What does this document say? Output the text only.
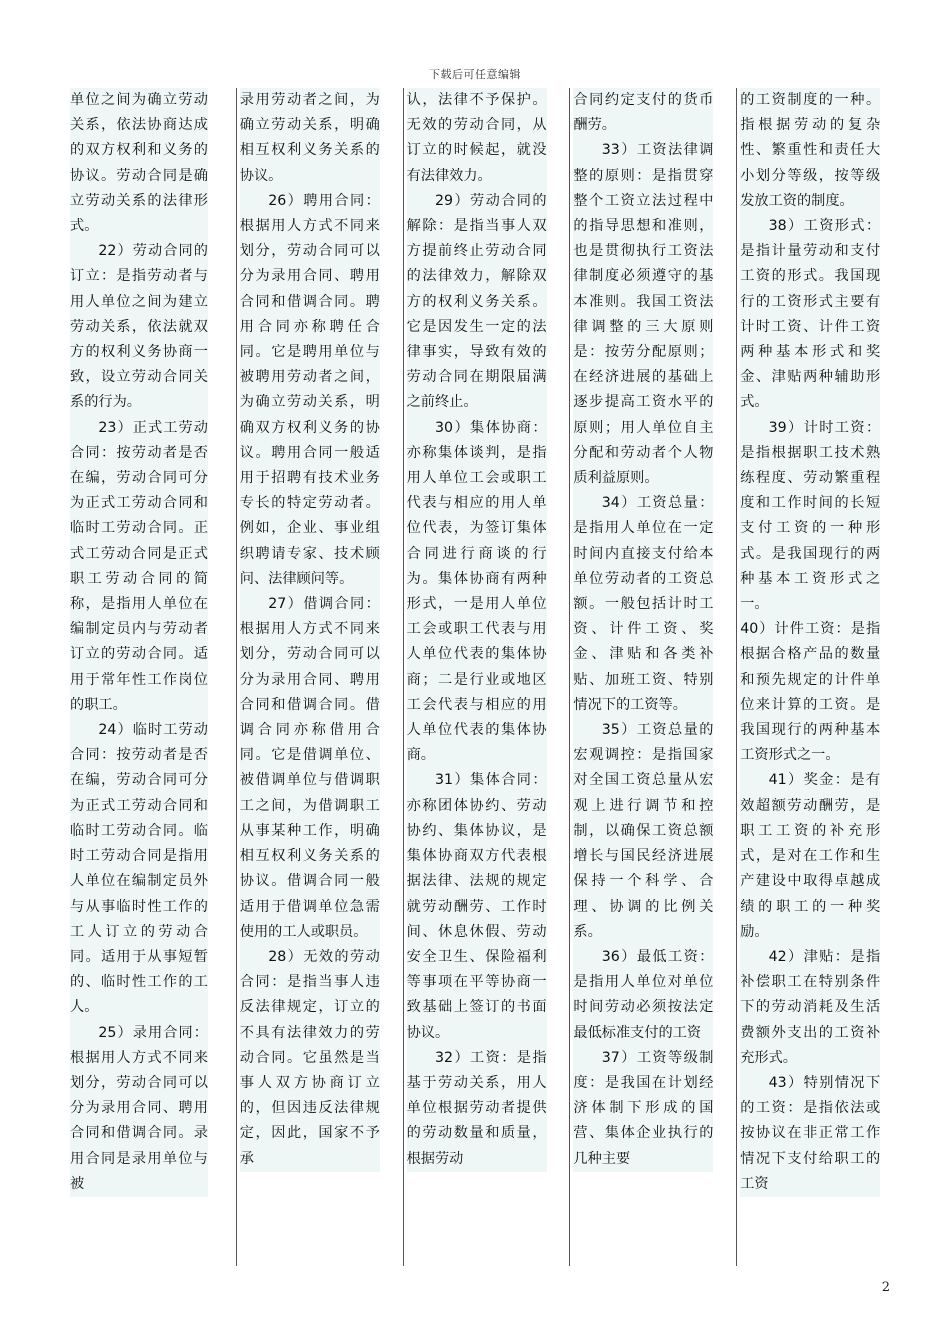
下载后可任意编辑

单位之间为确立劳动关系，依法协商达成的双方权利和义务的协议。劳动合同是确立劳动关系的法律形式。

22）劳动合同的订立：是指劳动者与用人单位之间为建立劳动关系，依法就双方的权利义务协商一致，设立劳动合同关系的行为。

23）正式工劳动合同：按劳动者是否在编，劳动合同可分为正式工劳动合同和临时工劳动合同。正式工劳动合同是正式职工劳动合同的简称，是指用人单位在编制定员内与劳动者订立的劳动合同。适用于常年性工作岗位的职工。

24）临时工劳动合同：按劳动者是否在编，劳动合同可分为正式工劳动合同和临时工劳动合同。临时工劳动合同是指用人单位在编制定员外与从事临时性工作的工人订立的劳动合同。适用于从事短暂的、临时性工作的工人。

25）录用合同：根据用人方式不同来划分，劳动合同可以分为录用合同、聘用合同和借调合同。录用合同是录用单位与被

录用劳动者之间，为确立劳动关系，明确相互权利义务关系的协议。

26）聘用合同：根据用人方式不同来划分，劳动合同可以分为录用合同、聘用合同和借调合同。聘用合同亦称聘任合同。它是聘用单位与被聘用劳动者之间，为确立劳动关系，明确双方权利义务的协议。聘用合同一般适用于招聘有技术业务专长的特定劳动者。例如，企业、事业组织聘请专家、技术顾问、法律顾问等。

27）借调合同：根据用人方式不同来划分，劳动合同可以分为录用合同、聘用合同和借调合同。借调合同亦称借用合同。它是借调单位、被借调单位与借调职工之间，为借调职工从事某种工作，明确相互权利义务关系的协议。借调合同一般适用于借调单位急需使用的工人或职员。

28）无效的劳动合同：是指当事人违反法律规定，订立的不具有法律效力的劳动合同。它虽然是当事人双方协商订立的，但因违反法律规定，因此，国家不予承

认，法律不予保护。无效的劳动合同，从订立的时候起，就没有法律效力。

29）劳动合同的解除：是指当事人双方提前终止劳动合同的法律效力，解除双方的权利义务关系。它是因发生一定的法律事实，导致有效的劳动合同在期限届满之前终止。

30）集体协商：亦称集体谈判，是指用人单位工会或职工代表与相应的用人单位代表，为签订集体合同进行商谈的行为。集体协商有两种形式，一是用人单位工会或职工代表与用人单位代表的集体协商；二是行业或地区工会代表与相应的用人单位代表的集体协商。

31）集体合同：亦称团体协约、劳动协约、集体协议，是集体协商双方代表根据法律、法规的规定就劳动酬劳、工作时间、休息休假、劳动安全卫生、保险福利等事项在平等协商一致基础上签订的书面协议。

32）工资：是指基于劳动关系，用人单位根据劳动者提供的劳动数量和质量，根据劳动

合同约定支付的货币酬劳。

33）工资法律调整的原则：是指贯穿整个工资立法过程中的指导思想和准则，也是贯彻执行工资法律制度必须遵守的基本准则。我国工资法律调整的三大原则是：按劳分配原则；在经济进展的基础上逐步提高工资水平的原则；用人单位自主分配和劳动者个人物质利益原则。

34）工资总量：是指用人单位在一定时间内直接支付给本单位劳动者的工资总额。一般包括计时工资、计件工资、奖金、津贴和各类补贴、加班工资、特别情况下的工资等。

35）工资总量的宏观调控：是指国家对全国工资总量从宏观上进行调节和控制，以确保工资总额增长与国民经济进展保持一个科学、合理、协调的比例关系。

36）最低工资：是指用人单位对单位时间劳动必须按法定最低标准支付的工资

37）工资等级制度：是我国在计划经济体制下形成的国营、集体企业执行的几种主要

的工资制度的一种。指根据劳动的复杂性、繁重性和责任大小划分等级，按等级发放工资的制度。

38）工资形式：是指计量劳动和支付工资的形式。我国现行的工资形式主要有计时工资、计件工资两种基本形式和奖金、津贴两种辅助形式。

39）计时工资：是指根据职工技术熟练程度、劳动繁重程度和工作时间的长短支付工资的一种形式。是我国现行的两种基本工资形式之一。

40）计件工资：是指根据合格产品的数量和预先规定的计件单位来计算的工资。是我国现行的两种基本工资形式之一。

41）奖金：是有效超额劳动酬劳，是职工工资的补充形式，是对在工作和生产建设中取得卓越成绩的职工的一种奖励。

42）津贴：是指补偿职工在特别条件下的劳动消耗及生活费额外支出的工资补充形式。

43）特别情况下的工资：是指依法或按协议在非正常工作情况下支付给职工的工资

2
